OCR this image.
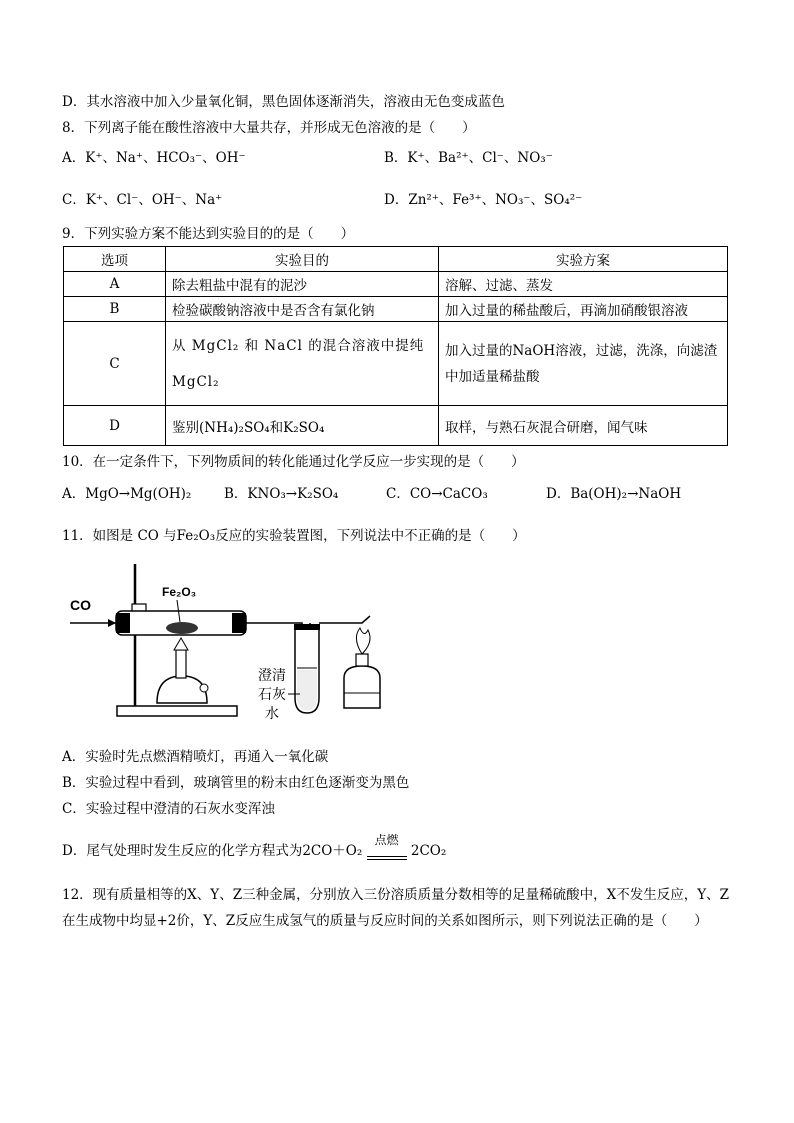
D．其水溶液中加入少量氧化铜，黑色固体逐渐消失，溶液由无色变成蓝色
8．下列离子能在酸性溶液中大量共存，并形成无色溶液的是（　　）
A．K⁺、Na⁺、HCO₃⁻、OH⁻	B．K⁺、Ba²⁺、Cl⁻、NO₃⁻
C．K⁺、Cl⁻、OH⁻、Na⁺	D．Zn²⁺、Fe³⁺、NO₃⁻、SO₄²⁻
9．下列实验方案不能达到实验目的的是（　　）
选项	实验目的	实验方案
A	除去粗盐中混有的泥沙	溶解、过滤、蒸发
B	检验碳酸钠溶液中是否含有氯化钠	加入过量的稀盐酸后，再滴加硝酸银溶液
C	从 MgCl₂ 和 NaCl 的混合溶液中提纯 MgCl₂	加入过量的NaOH溶液，过滤，洗涤，向滤渣中加适量稀盐酸
D	鉴别(NH₄)₂SO₄和K₂SO₄	取样，与熟石灰混合研磨，闻气味
10．在一定条件下，下列物质间的转化能通过化学反应一步实现的是（　　）
A．MgO→Mg(OH)₂ B．KNO₃→K₂SO₄	C．CO→CaCO₃	D．Ba(OH)₂→NaOH
11．如图是 CO 与Fe₂O₃反应的实验装置图，下列说法中不正确的是（　　）
CO
Fe₂O₃
澄清
石灰
水
A．实验时先点燃酒精喷灯，再通入一氧化碳
B．实验过程中看到，玻璃管里的粉末由红色逐渐变为黑色
C．实验过程中澄清的石灰水变浑浊
D．尾气处理时发生反应的化学方程式为2CO＋O₂
点燃
2CO₂
12．现有质量相等的X、Y、Z三种金属，分别放入三份溶质质量分数相等的足量稀硫酸中，X不发生反应，Y、Z在生成物中均显+2价，Y、Z反应生成氢气的质量与反应时间的关系如图所示，则下列说法正确的是（　　）
